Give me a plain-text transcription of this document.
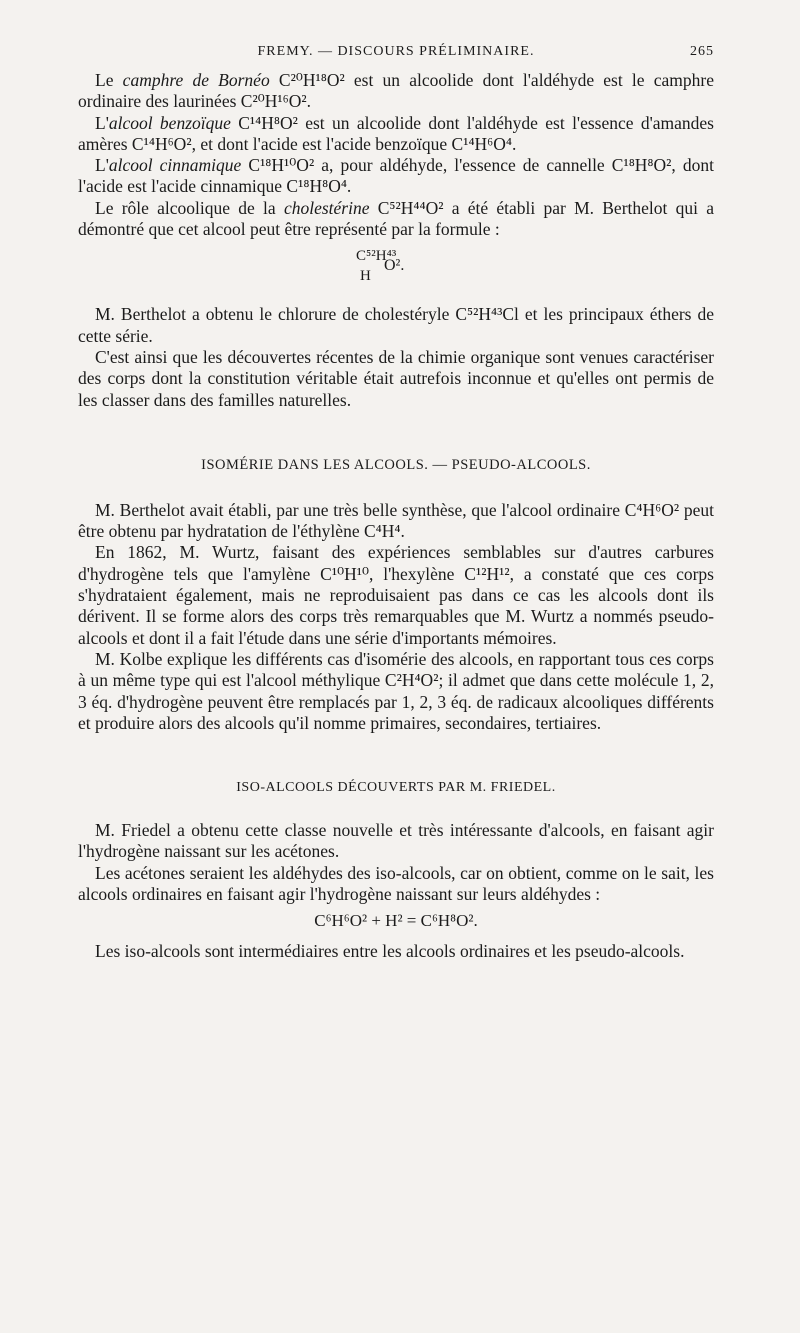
FREMY. — DISCOURS PRÉLIMINAIRE.	265

Le camphre de Bornéo C²⁰H¹⁸O² est un alcoolide dont l'aldéhyde est le camphre ordinaire des laurinées C²⁰H¹⁶O².

L'alcool benzoïque C¹⁴H⁸O² est un alcoolide dont l'aldéhyde est l'essence d'amandes amères C¹⁴H⁶O², et dont l'acide est l'acide benzoïque C¹⁴H⁶O⁴.

L'alcool cinnamique C¹⁸H¹⁰O² a, pour aldéhyde, l'essence de cannelle C¹⁸H⁸O², dont l'acide est l'acide cinnamique C¹⁸H⁸O⁴.

Le rôle alcoolique de la cholestérine C⁵²H⁴⁴O² a été établi par M. Berthelot qui a démontré que cet alcool peut être représenté par la formule :

C⁵²H⁴³
H
O².

M. Berthelot a obtenu le chlorure de cholestéryle C⁵²H⁴³Cl et les principaux éthers de cette série.

C'est ainsi que les découvertes récentes de la chimie organique sont venues caractériser des corps dont la constitution véritable était autrefois inconnue et qu'elles ont permis de les classer dans des familles naturelles.

ISOMÉRIE DANS LES ALCOOLS. — PSEUDO-ALCOOLS.

M. Berthelot avait établi, par une très belle synthèse, que l'alcool ordinaire C⁴H⁶O² peut être obtenu par hydratation de l'éthylène C⁴H⁴.

En 1862, M. Wurtz, faisant des expériences semblables sur d'autres carbures d'hydrogène tels que l'amylène C¹⁰H¹⁰, l'hexylène C¹²H¹², a constaté que ces corps s'hydrataient également, mais ne reproduisaient pas dans ce cas les alcools dont ils dérivent. Il se forme alors des corps très remarquables que M. Wurtz a nommés pseudo-alcools et dont il a fait l'étude dans une série d'importants mémoires.

M. Kolbe explique les différents cas d'isomérie des alcools, en rapportant tous ces corps à un même type qui est l'alcool méthylique C²H⁴O²; il admet que dans cette molécule 1, 2, 3 éq. d'hydrogène peuvent être remplacés par 1, 2, 3 éq. de radicaux alcooliques différents et produire alors des alcools qu'il nomme primaires, secondaires, tertiaires.

ISO-ALCOOLS DÉCOUVERTS PAR M. FRIEDEL.

M. Friedel a obtenu cette classe nouvelle et très intéressante d'alcools, en faisant agir l'hydrogène naissant sur les acétones.

Les acétones seraient les aldéhydes des iso-alcools, car on obtient, comme on le sait, les alcools ordinaires en faisant agir l'hydrogène naissant sur leurs aldéhydes :

C⁶H⁶O² + H² = C⁶H⁸O².

Les iso-alcools sont intermédiaires entre les alcools ordinaires et les pseudo-alcools.
